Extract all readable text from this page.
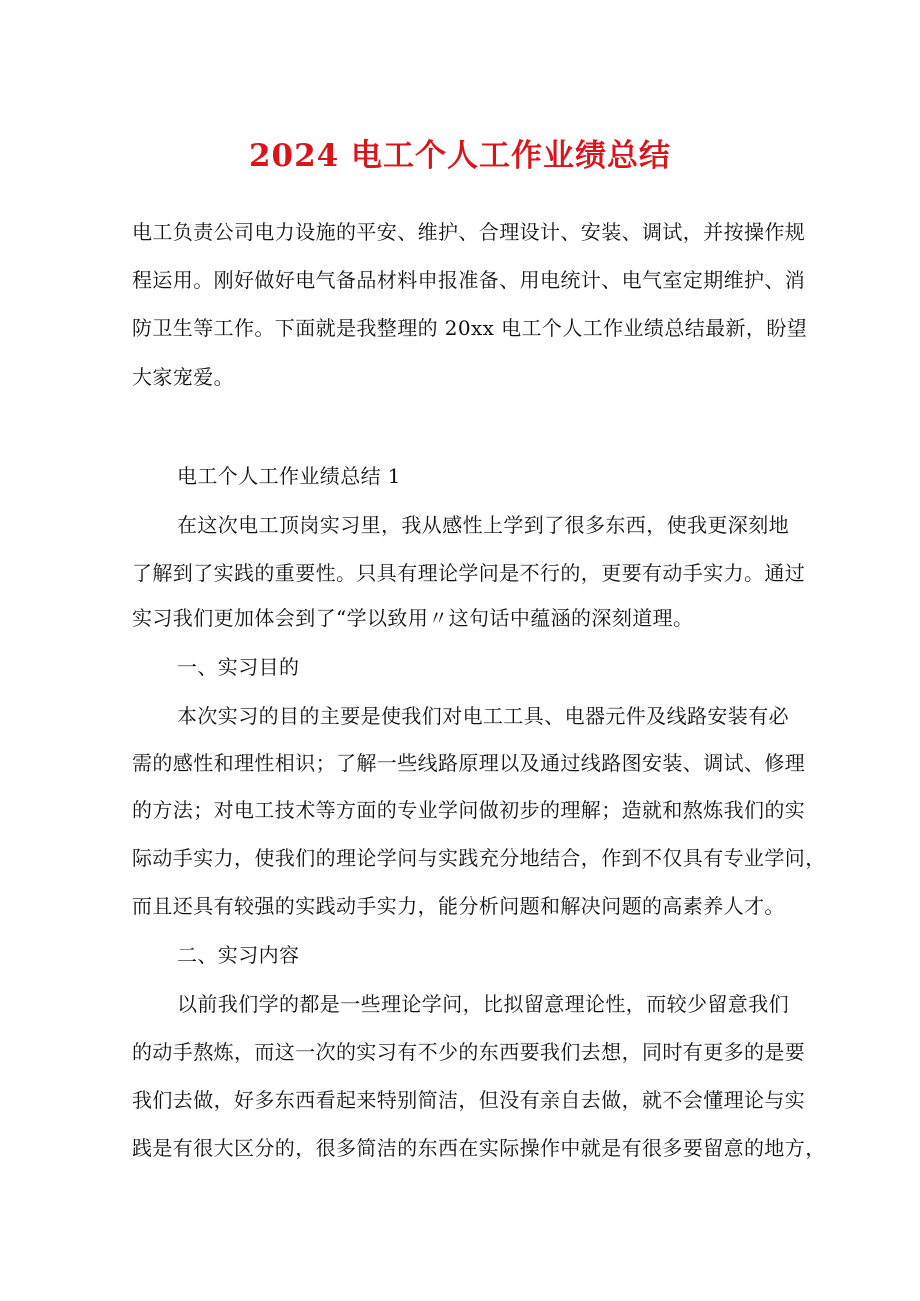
2024 电工个人工作业绩总结
电工负责公司电力设施的平安、维护、合理设计、安装、调试，并按操作规
程运用。刚好做好电气备品材料申报准备、用电统计、电气室定期维护、消
防卫生等工作。下面就是我整理的 20xx 电工个人工作业绩总结最新，盼望
大家宠爱。
电工个人工作业绩总结 1
在这次电工顶岗实习里，我从感性上学到了很多东西，使我更深刻地
了解到了实践的重要性。只具有理论学问是不行的，更要有动手实力。通过
实习我们更加体会到了“学以致用〃这句话中蕴涵的深刻道理。
一、实习目的
本次实习的目的主要是使我们对电工工具、电器元件及线路安装有必
需的感性和理性相识；了解一些线路原理以及通过线路图安装、调试、修理
的方法；对电工技术等方面的专业学问做初步的理解；造就和熬炼我们的实
际动手实力，使我们的理论学问与实践充分地结合，作到不仅具有专业学问，
而且还具有较强的实践动手实力，能分析问题和解决问题的高素养人才。
二、实习内容
以前我们学的都是一些理论学问，比拟留意理论性，而较少留意我们
的动手熬炼，而这一次的实习有不少的东西要我们去想，同时有更多的是要
我们去做，好多东西看起来特别简洁，但没有亲自去做，就不会懂理论与实
践是有很大区分的，很多简洁的东西在实际操作中就是有很多要留意的地方，
